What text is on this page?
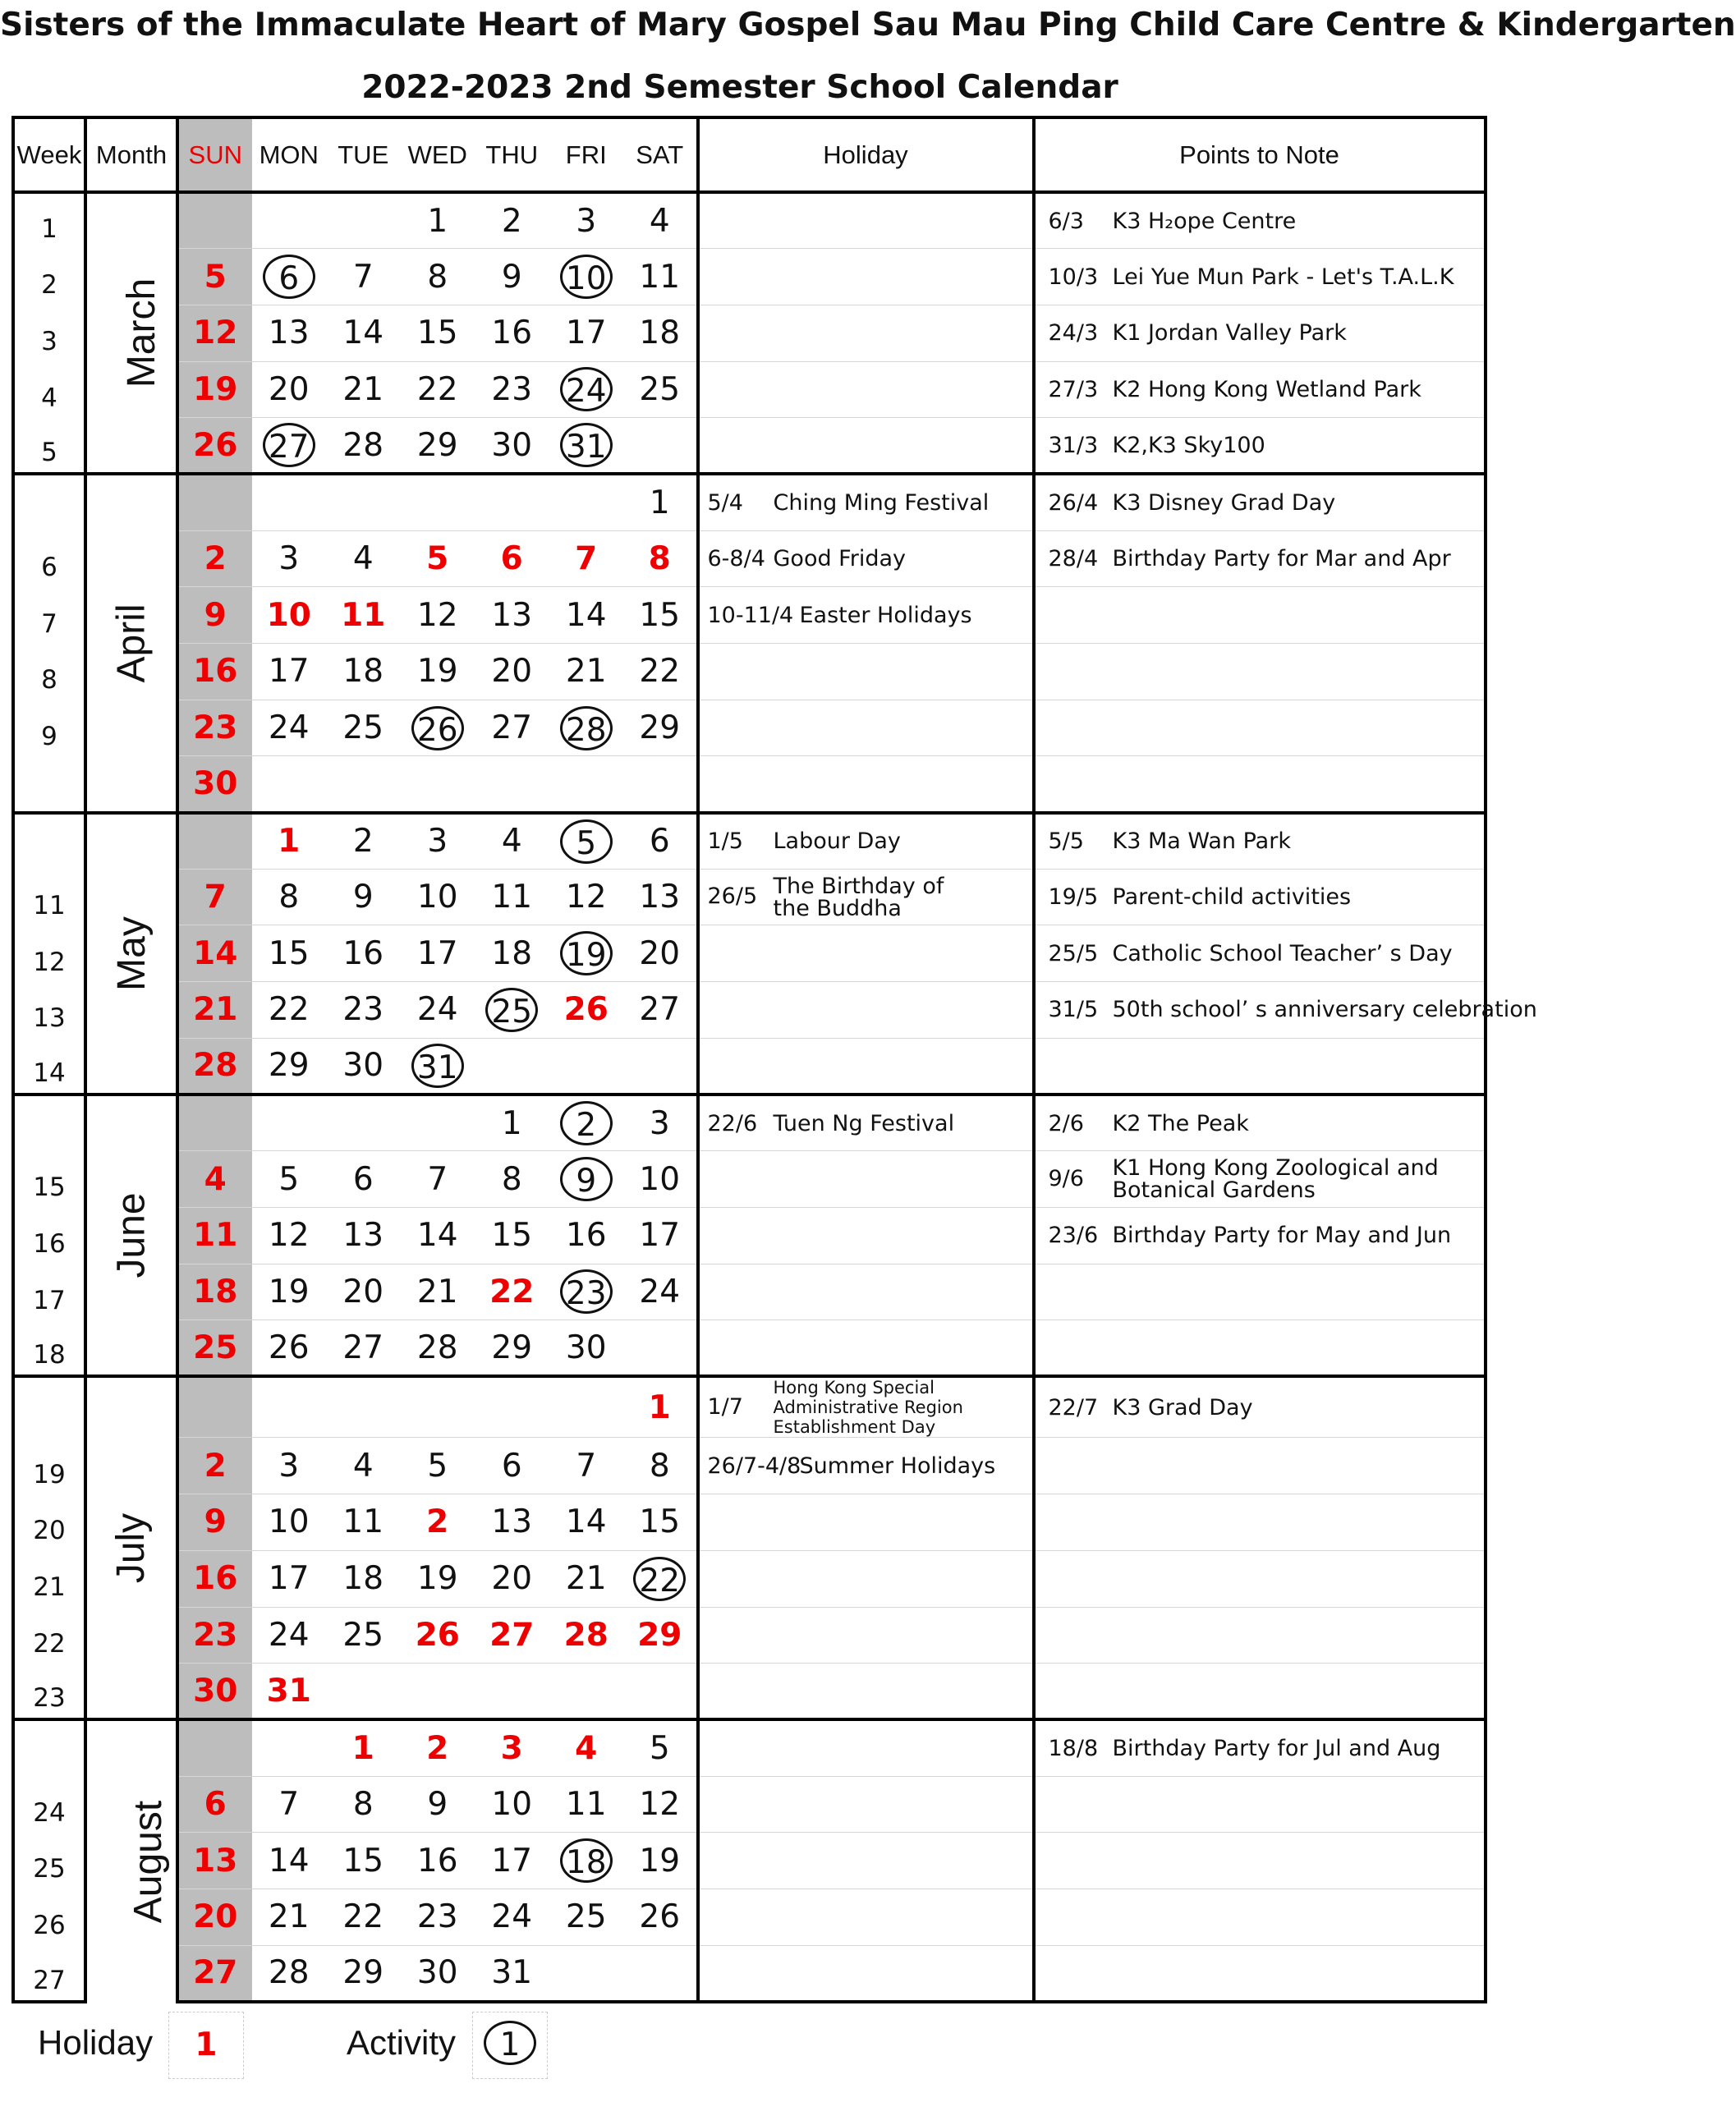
Sisters of the Immaculate Heart of Mary Gospel Sau Mau Ping Child Care Centre & Kindergarten
2022-2023 2nd Semester School Calendar
Week	Month	SUN	MON	TUE	WED	THU	FRI	SAT	Holiday	Points to Note
1	March				1	2	3	4		6/3 K3 H₂ope Centre
2		5	6	7	8	9	10	11		10/3 Lei Yue Mun Park - Let's T.A.L.K
3		12	13	14	15	16	17	18		24/3 K1 Jordan Valley Park
4		19	20	21	22	23	24	25		27/3 K2 Hong Kong Wetland Park
5		26	27	28	29	30	31			31/3 K2,K3 Sky100
	April							1	5/4 Ching Ming Festival	26/4 K3 Disney Grad Day
6		2	3	4	5	6	7	8	6-8/4 Good Friday	28/4 Birthday Party for Mar and Apr
7		9	10	11	12	13	14	15	10-11/4 Easter Holidays	
8		16	17	18	19	20	21	22		
9		23	24	25	26	27	28	29		
		30								
	May		1	2	3	4	5	6	1/5 Labour Day	5/5 K3 Ma Wan Park
11		7	8	9	10	11	12	13	26/5 The Birthday of the Buddha	19/5 Parent-child activities
12		14	15	16	17	18	19	20		25/5 Catholic School Teacher’ s Day
13		21	22	23	24	25	26	27		31/5 50th school’ s anniversary celebration
14		28	29	30	31					
	June					1	2	3	22/6 Tuen Ng Festival	2/6 K2 The Peak
15		4	5	6	7	8	9	10		9/6 K1 Hong Kong Zoological and Botanical Gardens
16		11	12	13	14	15	16	17		23/6 Birthday Party for May and Jun
17		18	19	20	21	22	23	24		
18		25	26	27	28	29	30			
	July							1	1/7Hong Kong Special Administrative Region Establishment Day	22/7 K3 Grad Day
19		2	3	4	5	6	7	8	26/7-4/8Summer Holidays	
20		9	10	11	2	13	14	15		
21		16	17	18	19	20	21	22		
22		23	24	25	26	27	28	29		
23		30	31							
	August			1	2	3	4	5		18/8 Birthday Party for Jul and Aug
24		6	7	8	9	10	11	12		
25		13	14	15	16	17	18	19		
26		20	21	22	23	24	25	26		
27		27	28	29	30	31				
Holiday	1	Activity	1
